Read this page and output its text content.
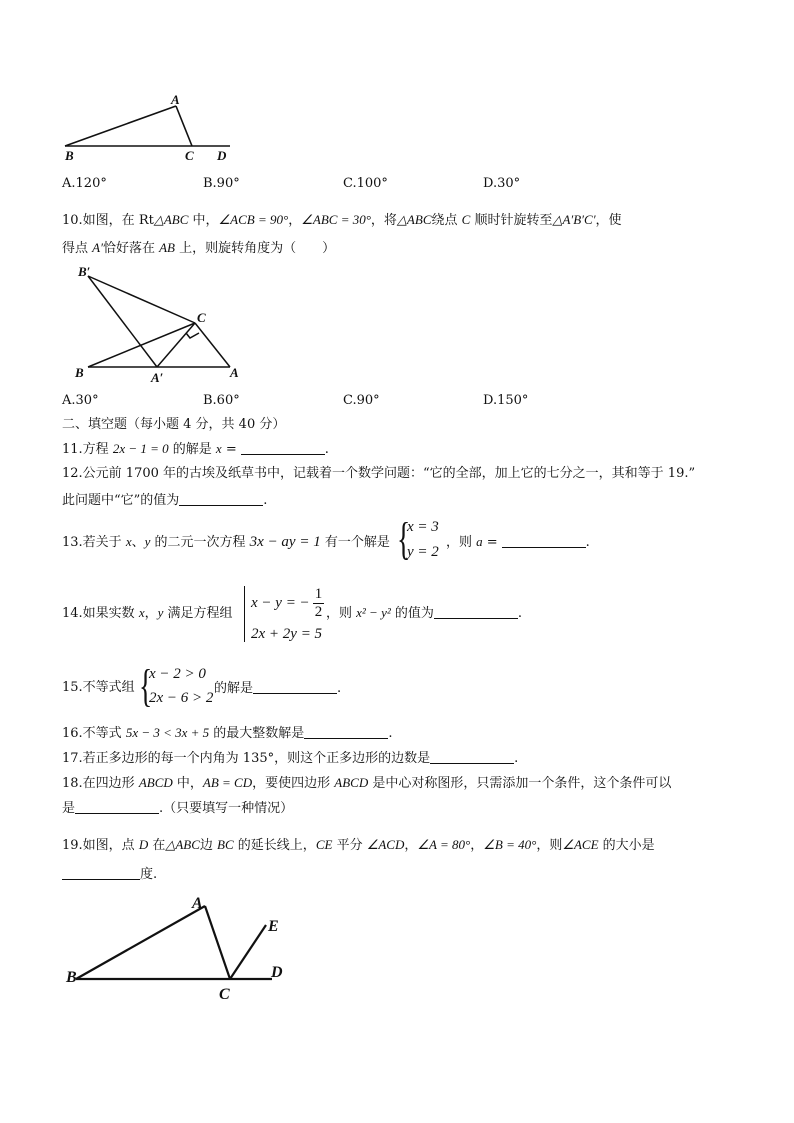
A
B	C D
A.120°	B.90°	C.100°	D.30°
10.如图，在 Rt△ABC 中，∠ACB = 90°，∠ABC = 30°，将△ABC绕点 C 顺时针旋转至△A′B′C′，使
得点 A′恰好落在 AB 上，则旋转角度为（　　）
B′
C
B	A′	A
A.30°	B.60°	C.90°	D.150°
二、填空题（每小题 4 分，共 40 分）
11.方程 2x − 1 = 0 的解是 x =	.
12.公元前 1700 年的古埃及纸草书中，记载着一个数学问题：“它的全部，加上它的七分之一，其和等于 19.”
此问题中“它”的值为	.
13.若关于 x、y 的二元一次方程 3x − ay = 1 有一个解是 {
x = 3
y = 2
，则 a =	.
14.如果实数 x，y 满足方程组
x − y = − $\frac{1}{2}$
2x + 2y = 5
，则 x² − y² 的值为	.
15.不等式组 {
x − 2 > 0
2x − 6 > 2
的解是	.
16.不等式 5x − 3 < 3x + 5 的最大整数解是	.
17.若正多边形的每一个内角为 135°，则这个正多边形的边数是	.
18.在四边形 ABCD 中，AB = CD，要使四边形 ABCD 是中心对称图形，只需添加一个条件，这个条件可以
是	.（只要填写一种情况）
19.如图，点 D 在△ABC边 BC 的延长线上，CE 平分 ∠ACD，∠A = 80°，∠B = 40°，则∠ACE 的大小是
度.
A
E
B
C
D
